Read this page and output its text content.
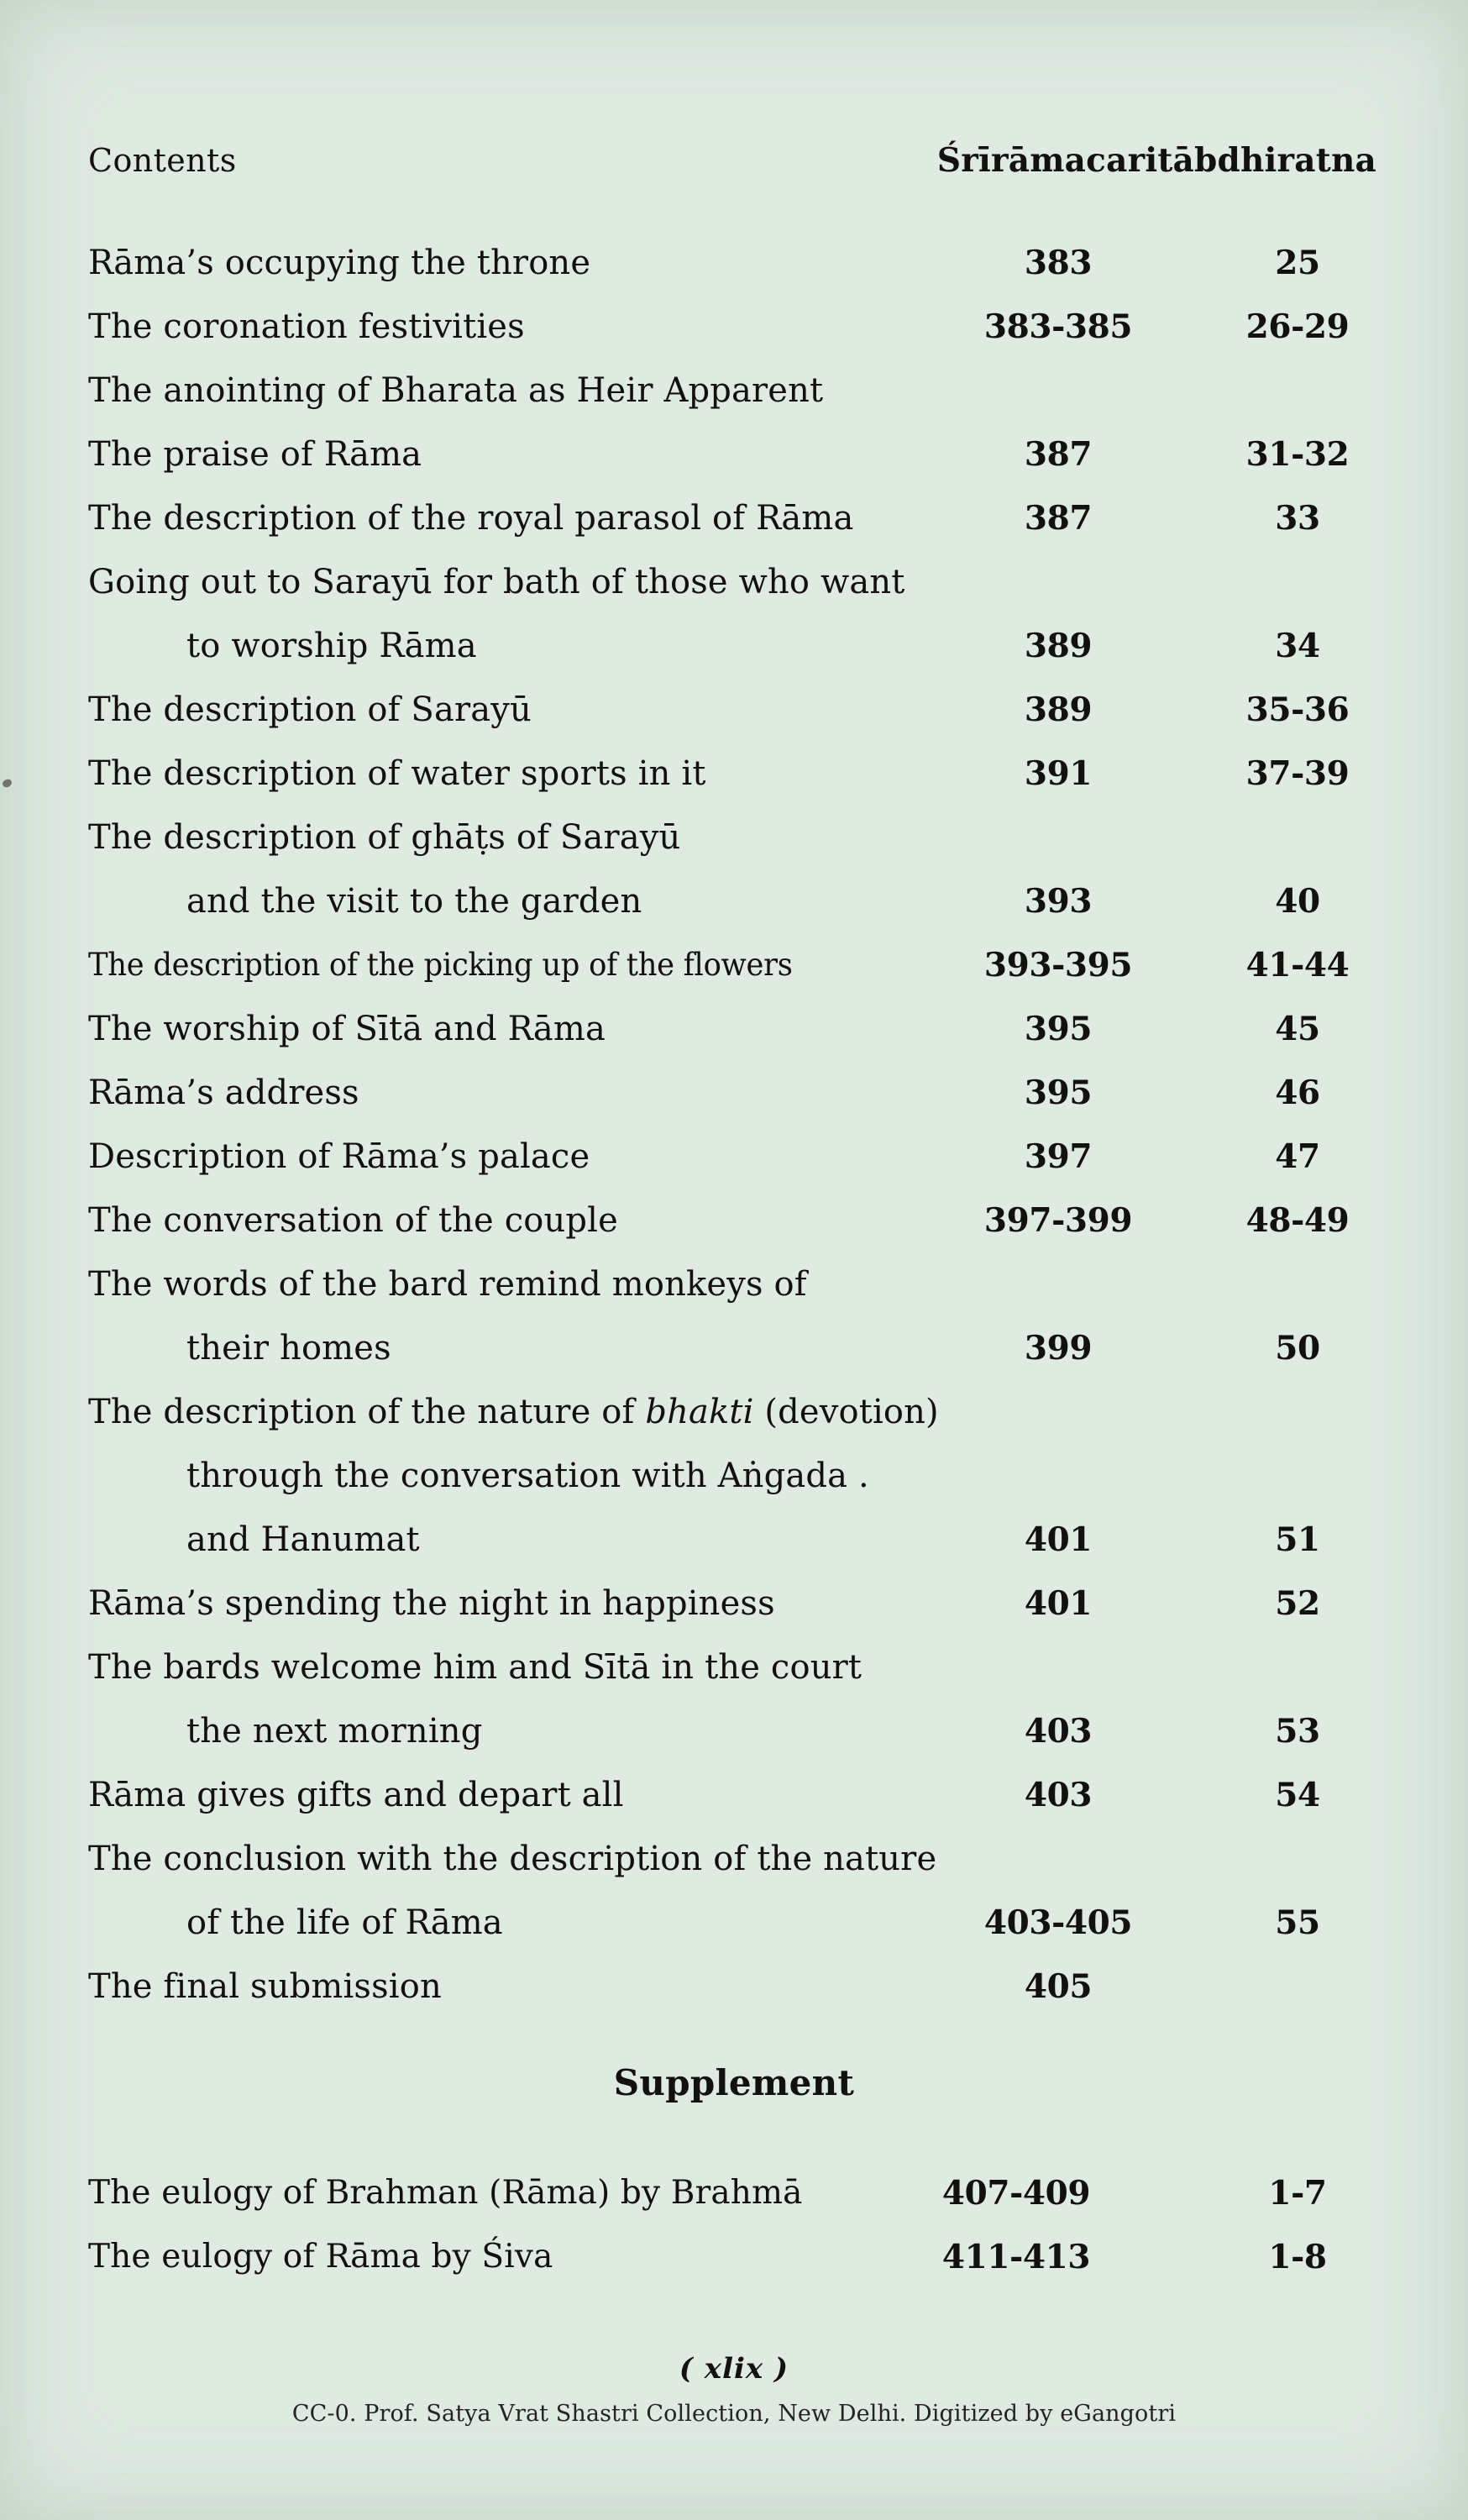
Contents	Śrīrāmacaritābdhiratna
Rāma’s occupying the throne	383	25
The coronation festivities	383-385	26-29
The anointing of Bharata as Heir Apparent
The praise of Rāma	387	31-32
The description of the royal parasol of Rāma	387	33
Going out to Sarayū for bath of those who want
to worship Rāma	389	34
The description of Sarayū	389	35-36
The description of water sports in it	391	37-39
The description of ghāṭs of Sarayū
and the visit to the garden	393	40
The description of the picking up of the flowers	393-395	41-44
The worship of Sītā and Rāma	395	45
Rāma’s address	395	46
Description of Rāma’s palace	397	47
The conversation of the couple	397-399	48-49
The words of the bard remind monkeys of
their homes	399	50
The description of the nature of bhakti (devotion)
through the conversation with Aṅgada .
and Hanumat	401	51
Rāma’s spending the night in happiness	401	52
The bards welcome him and Sītā in the court
the next morning	403	53
Rāma gives gifts and depart all	403	54
The conclusion with the description of the nature
of the life of Rāma	403-405	55
The final submission	405
Supplement
The eulogy of Brahman (Rāma) by Brahmā	407-409	1-7
The eulogy of Rāma by Śiva	411-413	1-8
( xlix )
CC-0. Prof. Satya Vrat Shastri Collection, New Delhi. Digitized by eGangotri
